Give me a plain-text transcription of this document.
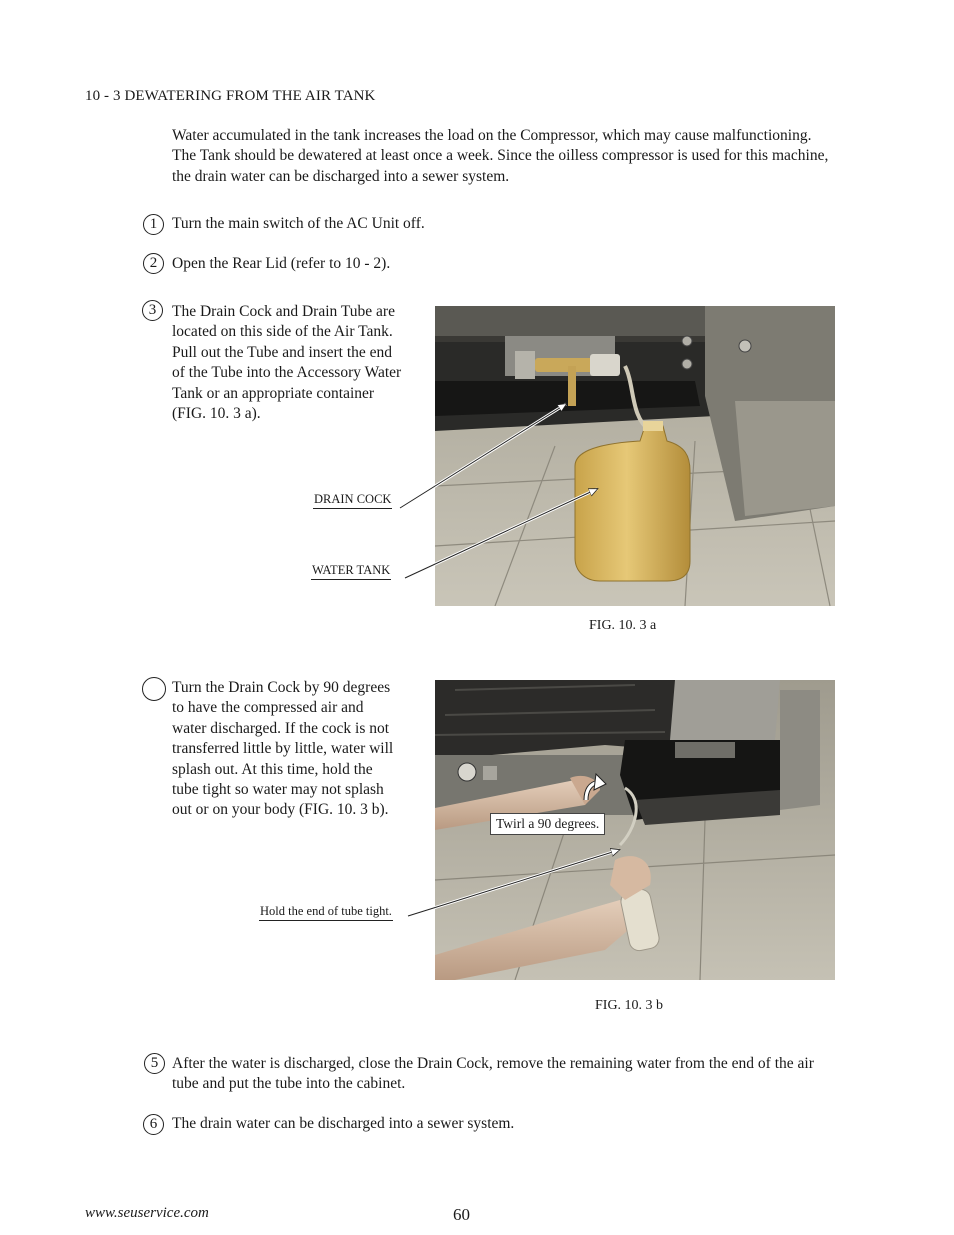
10 - 3 DEWATERING FROM THE AIR TANK
Water accumulated in the tank increases the load on the Compressor, which may cause malfunctioning. The Tank should be dewatered at least once a week. Since the oilless compressor is used for this machine, the drain water can be discharged into a sewer system.
1 Turn the main switch of the AC Unit off.
2 Open the Rear Lid (refer to 10 - 2).
3	The Drain Cock and Drain Tube are located on this side of the Air Tank. Pull out the Tube and insert the end of the Tube into the Accessory Water Tank or an appropriate container (FIG. 10. 3 a).
DRAIN COCK
WATER TANK
FIG. 10. 3 a
Turn the Drain Cock by 90 degrees to have the compressed air and water discharged. If the cock is not transferred little by little, water will splash out. At this time, hold the tube tight so water may not splash out or on your body (FIG. 10. 3 b).
Twirl a 90 degrees.
Hold the end of tube tight.
FIG. 10. 3 b
5 After the water is discharged, close the Drain Cock, remove the remaining water from the end of the air tube and put the tube into the cabinet.
6 The drain water can be discharged into a sewer system.
www.seuservice.com	60
